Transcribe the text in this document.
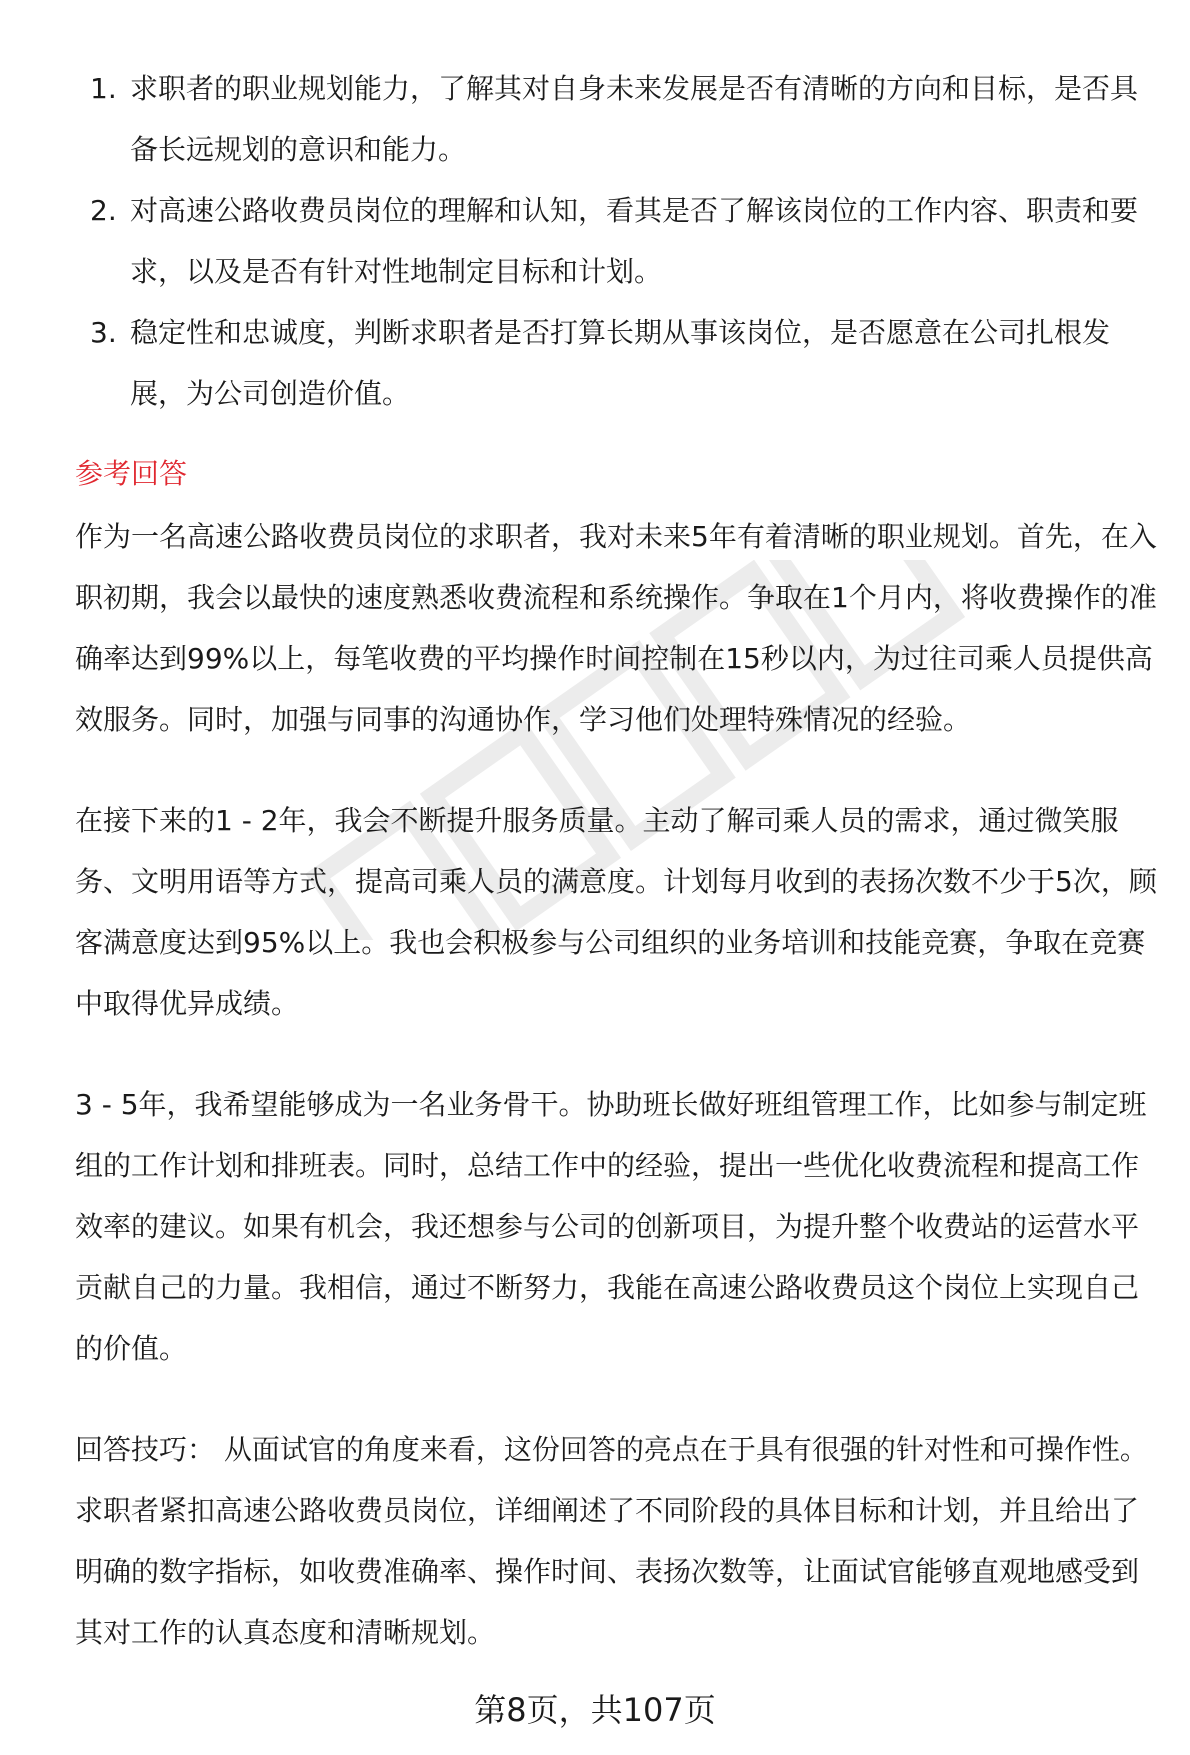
1. 求职者的职业规划能力，了解其对自身未来发展是否有清晰的方向和目标，是否具备长远规划的意识和能力。
2. 对高速公路收费员岗位的理解和认知，看其是否了解该岗位的工作内容、职责和要求，以及是否有针对性地制定目标和计划。
3. 稳定性和忠诚度，判断求职者是否打算长期从事该岗位，是否愿意在公司扎根发展，为公司创造价值。
参考回答

作为一名高速公路收费员岗位的求职者，我对未来5年有着清晰的职业规划。首先，在入职初期，我会以最快的速度熟悉收费流程和系统操作。争取在1个月内，将收费操作的准确率达到99%以上，每笔收费的平均操作时间控制在15秒以内，为过往司乘人员提供高效服务。同时，加强与同事的沟通协作，学习他们处理特殊情况的经验。

在接下来的1 - 2年，我会不断提升服务质量。主动了解司乘人员的需求，通过微笑服务、文明用语等方式，提高司乘人员的满意度。计划每月收到的表扬次数不少于5次，顾客满意度达到95%以上。我也会积极参与公司组织的业务培训和技能竞赛，争取在竞赛中取得优异成绩。

3 - 5年，我希望能够成为一名业务骨干。协助班长做好班组管理工作，比如参与制定班组的工作计划和排班表。同时，总结工作中的经验，提出一些优化收费流程和提高工作效率的建议。如果有机会，我还想参与公司的创新项目，为提升整个收费站的运营水平贡献自己的力量。我相信，通过不断努力，我能在高速公路收费员这个岗位上实现自己的价值。

回答技巧： 从面试官的角度来看，这份回答的亮点在于具有很强的针对性和可操作性。求职者紧扣高速公路收费员岗位，详细阐述了不同阶段的具体目标和计划，并且给出了明确的数字指标，如收费准确率、操作时间、表扬次数等，让面试官能够直观地感受到其对工作的认真态度和清晰规划。

第8页，共107页
